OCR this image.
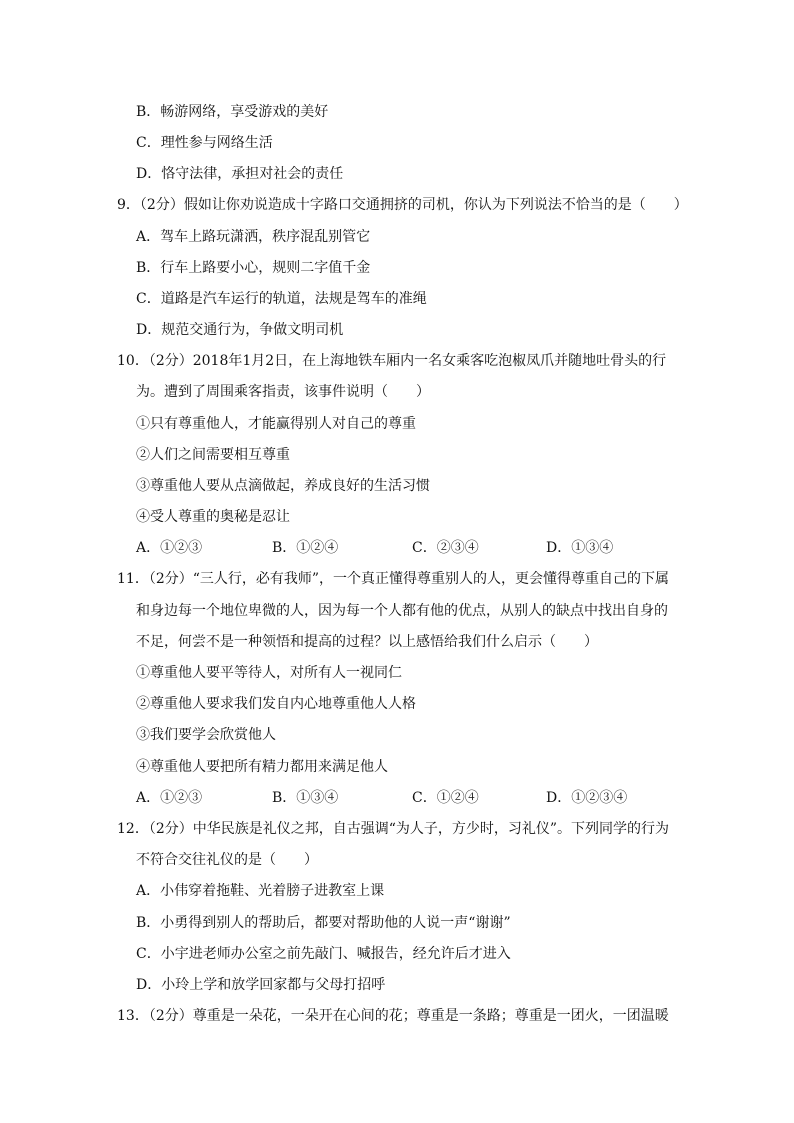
B．畅游网络，享受游戏的美好
C．理性参与网络生活
D．恪守法律，承担对社会的责任
9．（2分）假如让你劝说造成十字路口交通拥挤的司机，你认为下列说法不恰当的是（　　）
A．驾车上路玩潇洒，秩序混乱别管它
B．行车上路要小心，规则二字值千金
C．道路是汽车运行的轨道，法规是驾车的准绳
D．规范交通行为，争做文明司机
10．（2分）2018年1月2日，在上海地铁车厢内一名女乘客吃泡椒凤爪并随地吐骨头的行
为。遭到了周围乘客指责，该事件说明（　　）
①只有尊重他人，才能赢得别人对自己的尊重
②人们之间需要相互尊重
③尊重他人要从点滴做起，养成良好的生活习惯
④受人尊重的奥秘是忍让
A．①②③	B．①②④	C．②③④	D．①③④
11．（2分）“三人行，必有我师”，一个真正懂得尊重别人的人，更会懂得尊重自己的下属
和身边每一个地位卑微的人，因为每一个人都有他的优点，从别人的缺点中找出自身的
不足，何尝不是一种领悟和提高的过程？以上感悟给我们什么启示（　　）
①尊重他人要平等待人，对所有人一视同仁
②尊重他人要求我们发自内心地尊重他人人格
③我们要学会欣赏他人
④尊重他人要把所有精力都用来满足他人
A．①②③	B．①③④	C．①②④	D．①②③④
12．（2分）中华民族是礼仪之邦，自古强调“为人子，方少时，习礼仪”。下列同学的行为
不符合交往礼仪的是（　　）
A．小伟穿着拖鞋、光着膀子进教室上课
B．小勇得到别人的帮助后，都要对帮助他的人说一声“谢谢”
C．小宇进老师办公室之前先敲门、喊报告，经允许后才进入
D．小玲上学和放学回家都与父母打招呼
13．（2分）尊重是一朵花，一朵开在心间的花；尊重是一条路；尊重是一团火，一团温暖
